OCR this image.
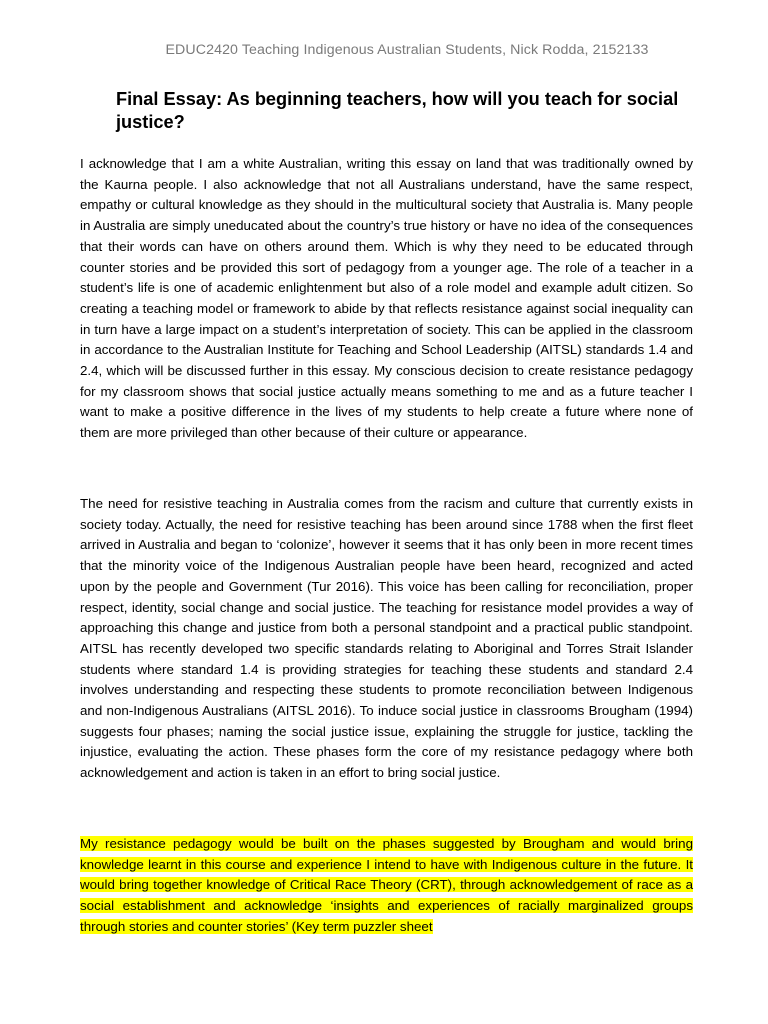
EDUC2420 Teaching Indigenous Australian Students, Nick Rodda, 2152133
Final Essay: As beginning teachers, how will you teach for social justice?

I acknowledge that I am a white Australian, writing this essay on land that was traditionally owned by the Kaurna people. I also acknowledge that not all Australians understand, have the same respect, empathy or cultural knowledge as they should in the multicultural society that Australia is. Many people in Australia are simply uneducated about the country’s true history or have no idea of the consequences that their words can have on others around them. Which is why they need to be educated through counter stories and be provided this sort of pedagogy from a younger age. The role of a teacher in a student’s life is one of academic enlightenment but also of a role model and example adult citizen. So creating a teaching model or framework to abide by that reflects resistance against social inequality can in turn have a large impact on a student’s interpretation of society. This can be applied in the classroom in accordance to the Australian Institute for Teaching and School Leadership (AITSL) standards 1.4 and 2.4, which will be discussed further in this essay. My conscious decision to create resistance pedagogy for my classroom shows that social justice actually means something to me and as a future teacher I want to make a positive difference in the lives of my students to help create a future where none of them are more privileged than other because of their culture or appearance.

The need for resistive teaching in Australia comes from the racism and culture that currently exists in society today. Actually, the need for resistive teaching has been around since 1788 when the first fleet arrived in Australia and began to ‘colonize’, however it seems that it has only been in more recent times that the minority voice of the Indigenous Australian people have been heard, recognized and acted upon by the people and Government (Tur 2016). This voice has been calling for reconciliation, proper respect, identity, social change and social justice. The teaching for resistance model provides a way of approaching this change and justice from both a personal standpoint and a practical public standpoint. AITSL has recently developed two specific standards relating to Aboriginal and Torres Strait Islander students where standard 1.4 is providing strategies for teaching these students and standard 2.4 involves understanding and respecting these students to promote reconciliation between Indigenous and non-Indigenous Australians (AITSL 2016). To induce social justice in classrooms Brougham (1994) suggests four phases; naming the social justice issue, explaining the struggle for justice, tackling the injustice, evaluating the action. These phases form the core of my resistance pedagogy where both acknowledgement and action is taken in an effort to bring social justice.

My resistance pedagogy would be built on the phases suggested by Brougham and would bring knowledge learnt in this course and experience I intend to have with Indigenous culture in the future. It would bring together knowledge of Critical Race Theory (CRT), through acknowledgement of race as a social establishment and acknowledge ‘insights and experiences of racially marginalized groups through stories and counter stories’ (Key term puzzler sheet
